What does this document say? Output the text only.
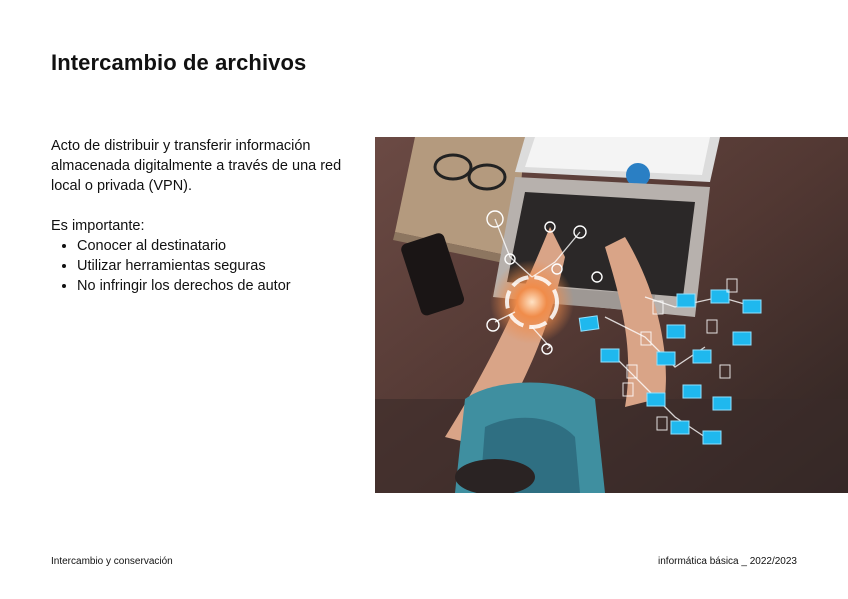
Intercambio de archivos

Acto de distribuir y transferir información almacenada digitalmente a través de una red local o privada (VPN).

Es importante:

• Conocer al destinatario
• Utilizar herramientas seguras
• No infringir los derechos de autor
Intercambio y conservación	informática básica _ 2022/2023
